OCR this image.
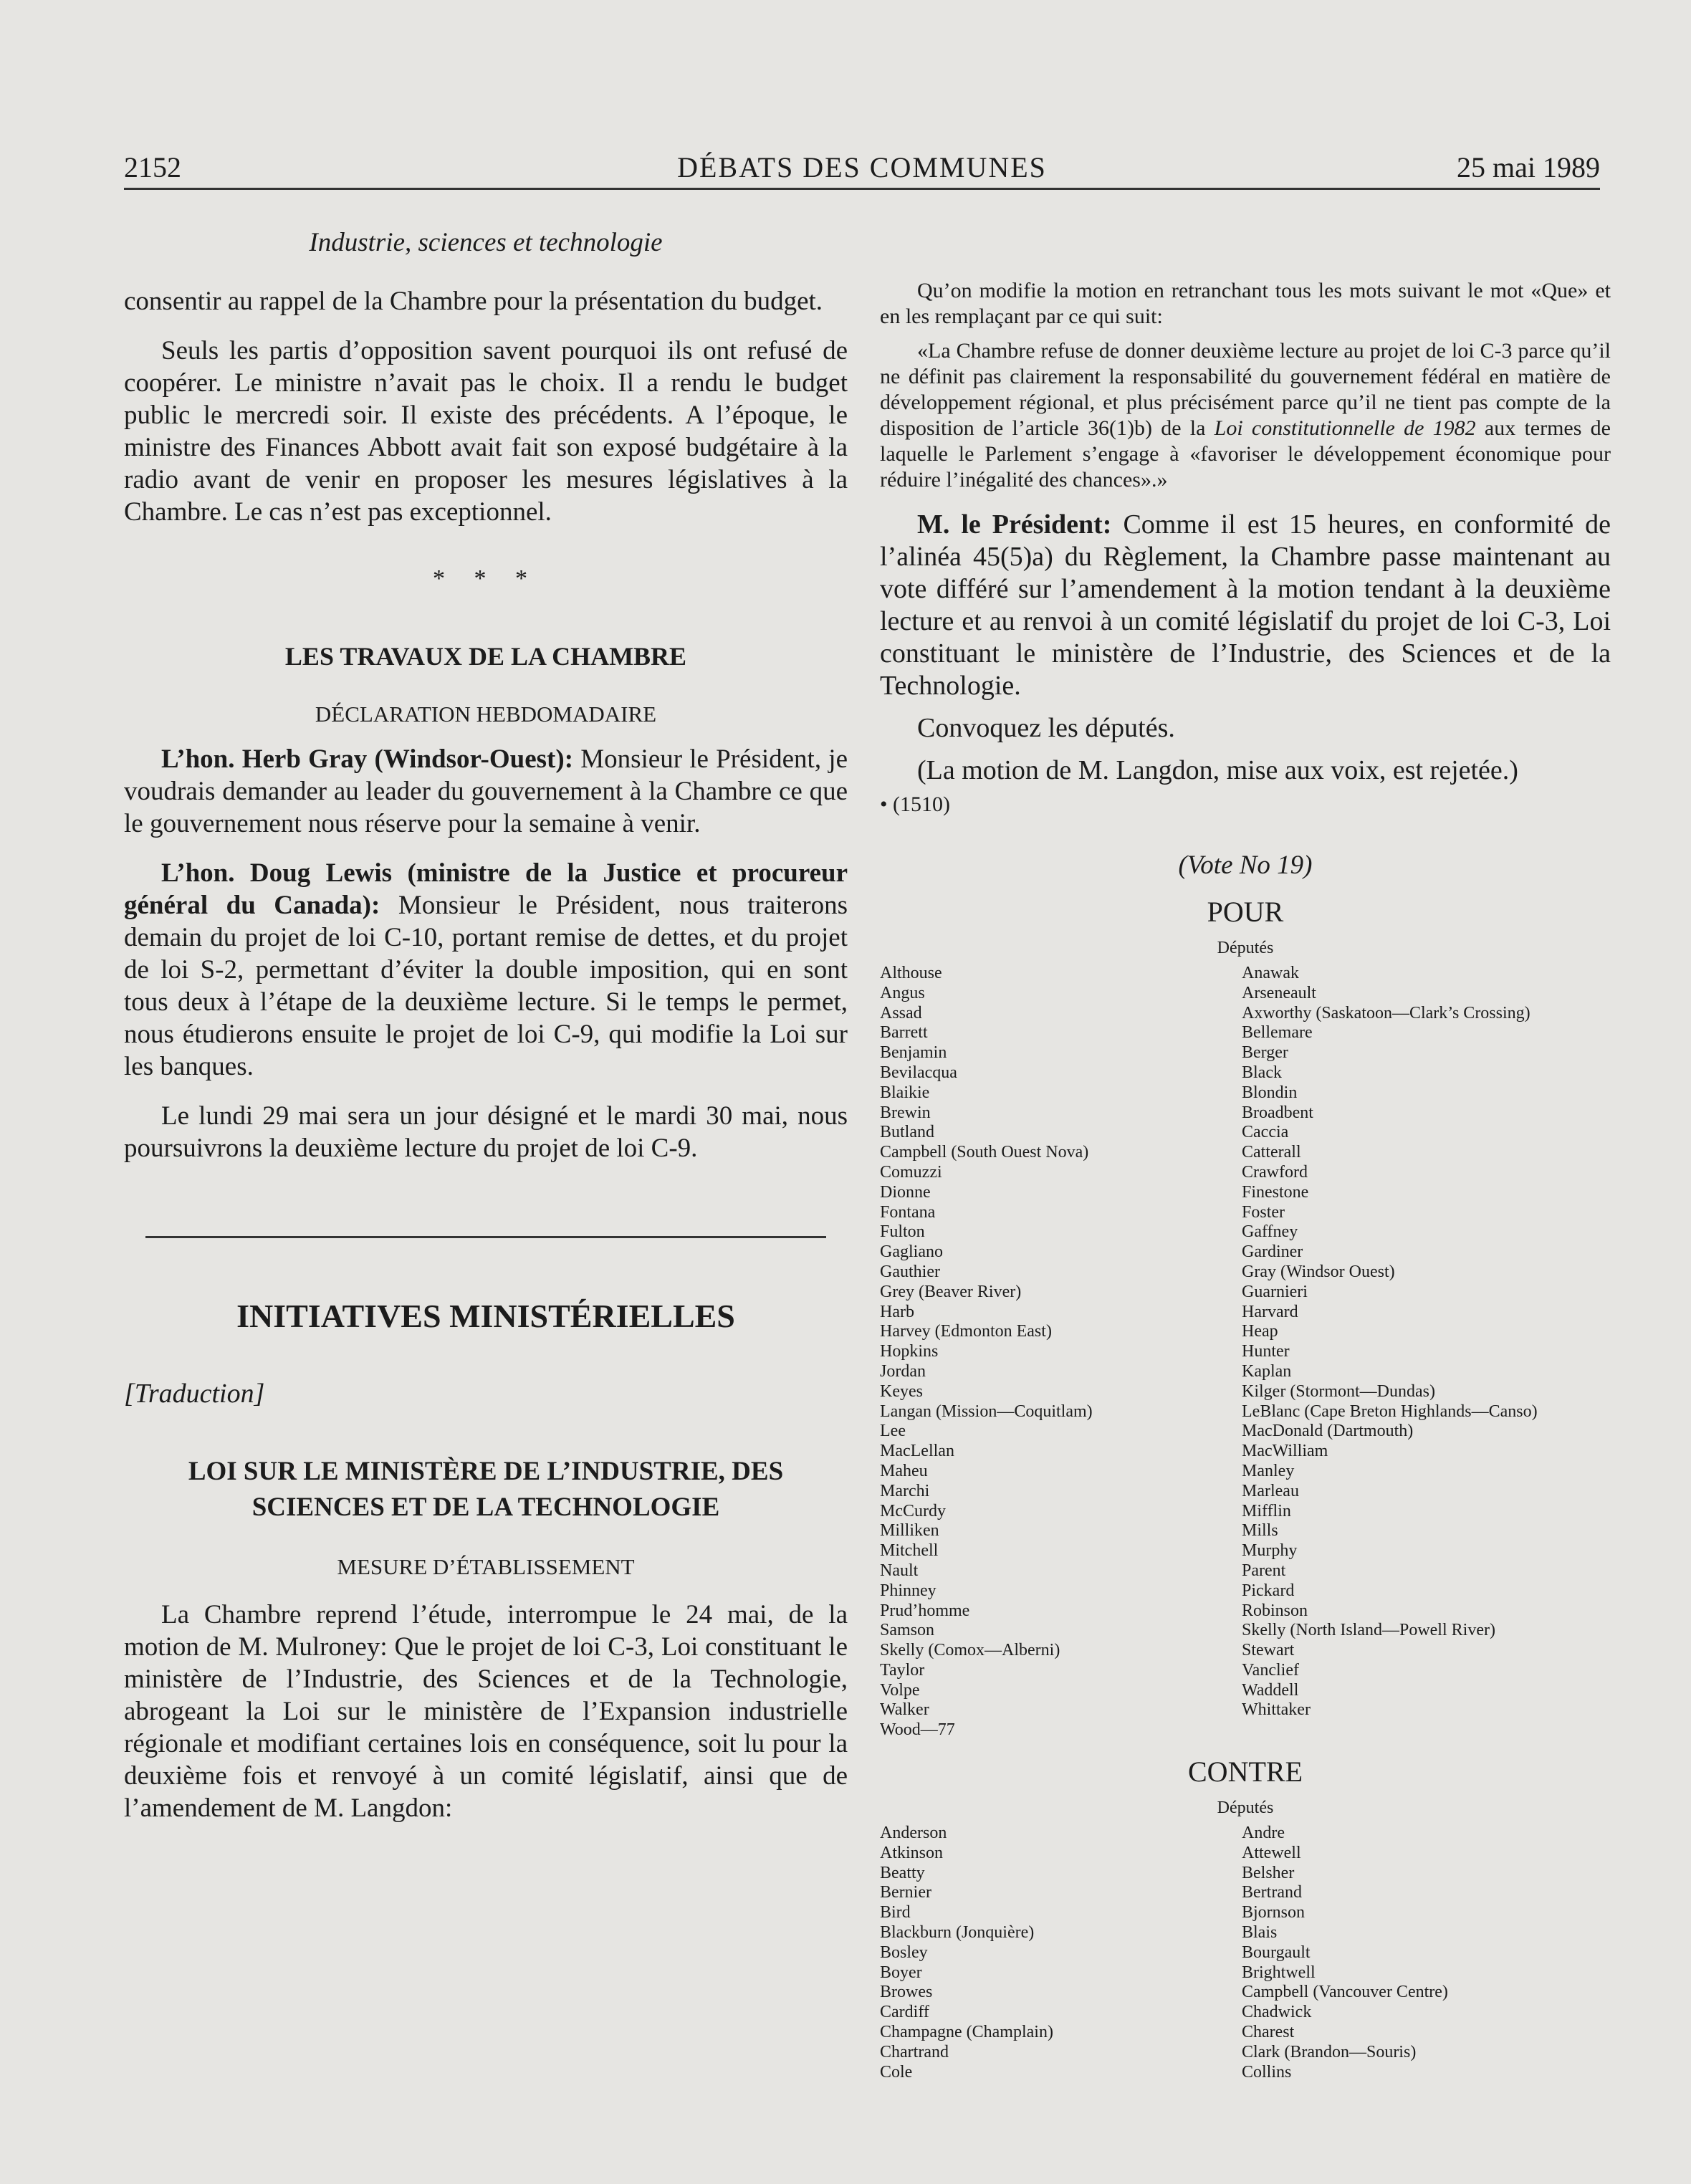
2152	DÉBATS DES COMMUNES	25 mai 1989
Industrie, sciences et technologie

consentir au rappel de la Chambre pour la présentation du budget.

Seuls les partis d’opposition savent pourquoi ils ont refusé de coopérer. Le ministre n’avait pas le choix. Il a rendu le budget public le mercredi soir. Il existe des précédents. A l’époque, le ministre des Finances Abbott avait fait son exposé budgétaire à la radio avant de venir en proposer les mesures législatives à la Chambre. Le cas n’est pas exceptionnel.

* * *
LES TRAVAUX DE LA CHAMBRE
DÉCLARATION HEBDOMADAIRE

L’hon. Herb Gray (Windsor-Ouest): Monsieur le Président, je voudrais demander au leader du gouvernement à la Chambre ce que le gouvernement nous réserve pour la semaine à venir.

L’hon. Doug Lewis (ministre de la Justice et procureur général du Canada): Monsieur le Président, nous traiterons demain du projet de loi C-10, portant remise de dettes, et du projet de loi S-2, permettant d’éviter la double imposition, qui en sont tous deux à l’étape de la deuxième lecture. Si le temps le permet, nous étudierons ensuite le projet de loi C-9, qui modifie la Loi sur les banques.

Le lundi 29 mai sera un jour désigné et le mardi 30 mai, nous poursuivrons la deuxième lecture du projet de loi C-9.

INITIATIVES MINISTÉRIELLES
[Traduction]
LOI SUR LE MINISTÈRE DE L’INDUSTRIE, DES SCIENCES ET DE LA TECHNOLOGIE
MESURE D’ÉTABLISSEMENT

La Chambre reprend l’étude, interrompue le 24 mai, de la motion de M. Mulroney: Que le projet de loi C-3, Loi constituant le ministère de l’Industrie, des Sciences et de la Technologie, abrogeant la Loi sur le ministère de l’Expansion industrielle régionale et modifiant certaines lois en conséquence, soit lu pour la deuxième fois et renvoyé à un comité législatif, ainsi que de l’amendement de M. Langdon:

Qu’on modifie la motion en retranchant tous les mots suivant le mot «Que» et en les remplaçant par ce qui suit:

«La Chambre refuse de donner deuxième lecture au projet de loi C-3 parce qu’il ne définit pas clairement la responsabilité du gouvernement fédéral en matière de développement régional, et plus précisément parce qu’il ne tient pas compte de la disposition de l’article 36(1)b) de la Loi constitutionnelle de 1982 aux termes de laquelle le Parlement s’engage à «favoriser le développement économique pour réduire l’inégalité des chances».»

M. le Président: Comme il est 15 heures, en conformité de l’alinéa 45(5)a) du Règlement, la Chambre passe maintenant au vote différé sur l’amendement à la motion tendant à la deuxième lecture et au renvoi à un comité législatif du projet de loi C-3, Loi constituant le ministère de l’Industrie, des Sciences et de la Technologie.

Convoquez les députés.

(La motion de M. Langdon, mise aux voix, est rejetée.)

• (1510)
(Vote No 19)
POUR
Députés
Althouse
Angus
Assad
Barrett
Benjamin
Bevilacqua
Blaikie
Brewin
Butland
Campbell (South Ouest Nova)
Comuzzi
Dionne
Fontana
Fulton
Gagliano
Gauthier
Grey (Beaver River)
Harb
Harvey (Edmonton East)
Hopkins
Jordan
Keyes
Langan (Mission—Coquitlam)
Lee
MacLellan
Maheu
Marchi
McCurdy
Milliken
Mitchell
Nault
Phinney
Prud’homme
Samson
Skelly (Comox—Alberni)
Taylor
Volpe
Walker
Wood—77
Anawak
Arseneault
Axworthy (Saskatoon—Clark’s Crossing)
Bellemare
Berger
Black
Blondin
Broadbent
Caccia
Catterall
Crawford
Finestone
Foster
Gaffney
Gardiner
Gray (Windsor Ouest)
Guarnieri
Harvard
Heap
Hunter
Kaplan
Kilger (Stormont—Dundas)
LeBlanc (Cape Breton Highlands—Canso)
MacDonald (Dartmouth)
MacWilliam
Manley
Marleau
Mifflin
Mills
Murphy
Parent
Pickard
Robinson
Skelly (North Island—Powell River)
Stewart
Vanclief
Waddell
Whittaker
CONTRE
Députés
Anderson
Atkinson
Beatty
Bernier
Bird
Blackburn (Jonquière)
Bosley
Boyer
Browes
Cardiff
Champagne (Champlain)
Chartrand
Cole
Andre
Attewell
Belsher
Bertrand
Bjornson
Blais
Bourgault
Brightwell
Campbell (Vancouver Centre)
Chadwick
Charest
Clark (Brandon—Souris)
Collins
